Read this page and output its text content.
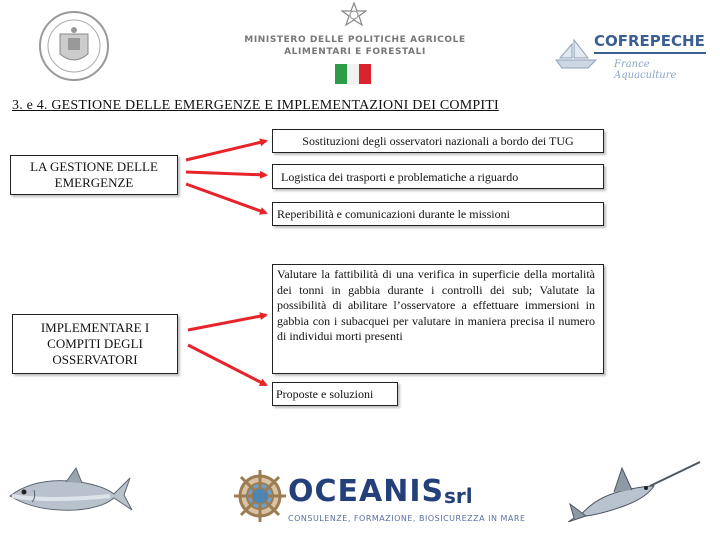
MINISTERO DELLE POLITICHE AGRICOLE
ALIMENTARI E FORESTALI
COFREPECHE
France Aquaculture
3. e 4. GESTIONE DELLE EMERGENZE E IMPLEMENTAZIONI DEI COMPITI
LA GESTIONE DELLE EMERGENZE
Sostituzioni degli osservatori nazionali a bordo dei TUG
Logistica dei trasporti e problematiche a riguardo
Reperibilità e comunicazioni durante le missioni
IMPLEMENTARE I COMPITI DEGLI OSSERVATORI
Valutare la fattibilità di una verifica in superficie della mortalità dei tonni in gabbia durante i controlli dei sub; Valutate la possibilità di abilitare l’osservatore a effettuare immersioni in gabbia con i subacquei per valutare in maniera precisa il numero di individui morti presenti
Proposte e soluzioni
OCEANIS srl
CONSULENZE, FORMAZIONE, BIOSICUREZZA IN MARE
